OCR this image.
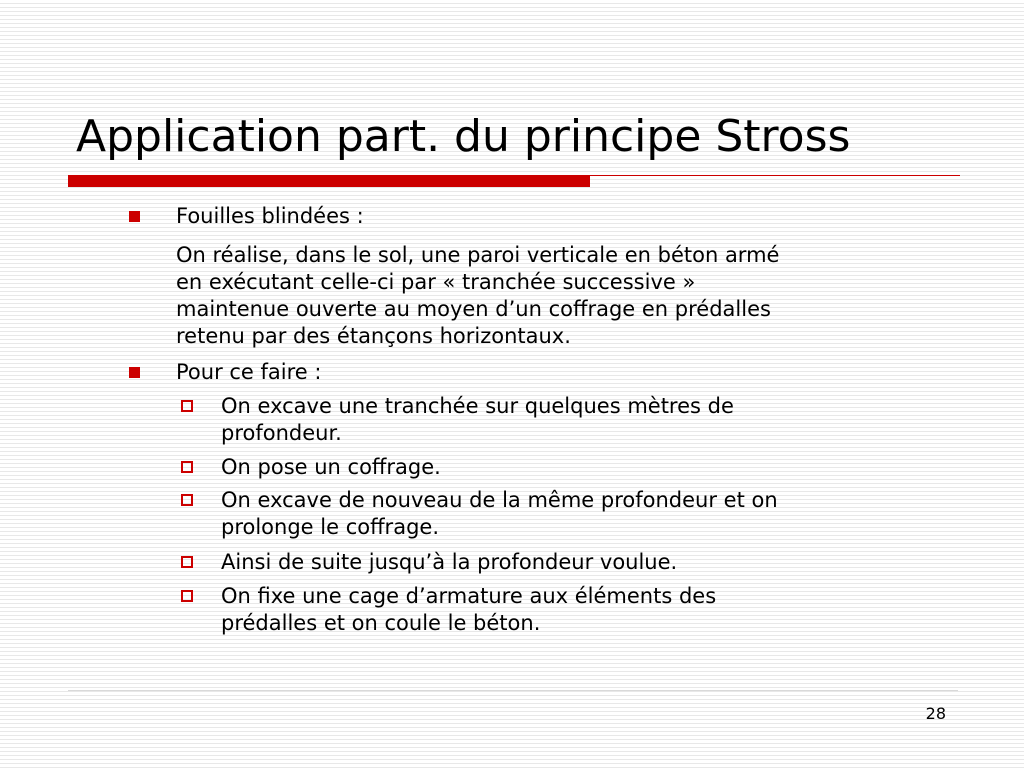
Application part. du principe Stross
Fouilles blindées :
On réalise, dans le sol, une paroi verticale en béton armé
en exécutant celle-ci par « tranchée successive »
maintenue ouverte au moyen d’un coffrage en prédalles
retenu par des étançons horizontaux.
Pour ce faire :
On excave une tranchée sur quelques mètres de
profondeur.
On pose un coffrage.
On excave de nouveau de la même profondeur et on
prolonge le coffrage.
Ainsi de suite jusqu’à la profondeur voulue.
On fixe une cage d’armature aux éléments des
prédalles et on coule le béton.
28
